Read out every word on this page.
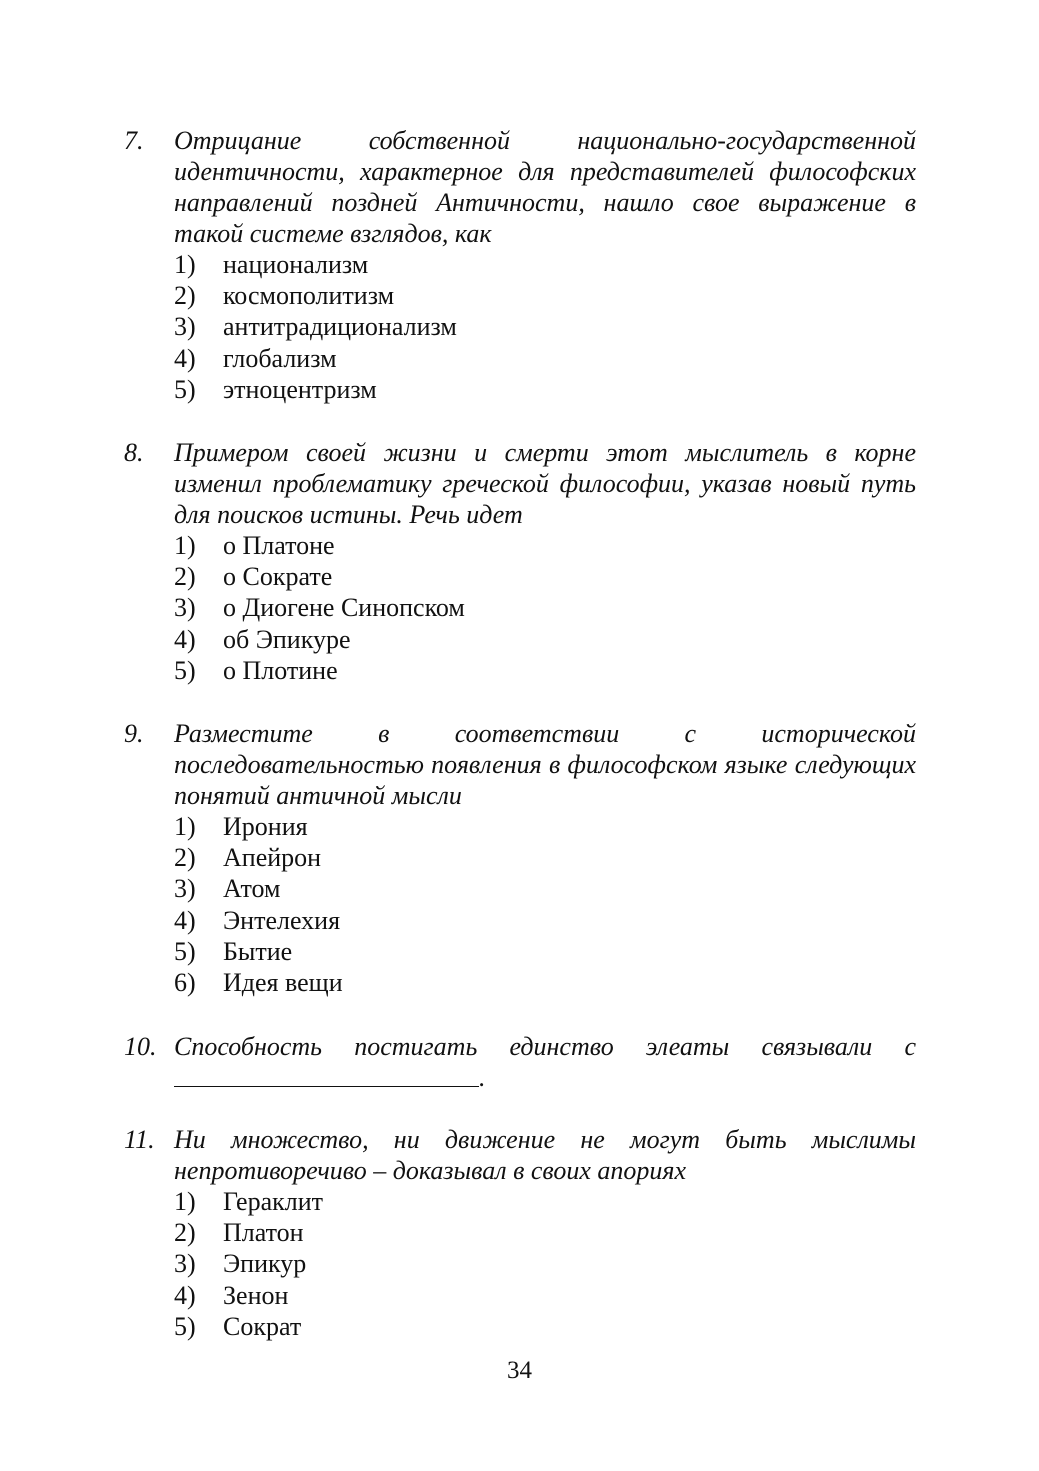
7. Отрицание собственной национально-государственной идентичности, характерное для представителей философских направлений поздней Античности, нашло свое выражение в такой системе взглядов, как
1) национализм
2) космополитизм
3) антитрадиционализм
4) глобализм
5) этноцентризм
8. Примером своей жизни и смерти этот мыслитель в корне изменил проблематику греческой философии, указав новый путь для поисков истины. Речь идет
1) о Платоне
2) о Сократе
3) о Диогене Синопском
4) об Эпикуре
5) о Плотине
9. Разместите в соответствии с исторической последовательностью появления в философском языке следующих понятий античной мысли
1) Ирония
2) Апейрон
3) Атом
4) Энтелехия
5) Бытие
6) Идея вещи
10. Способность постигать единство элеаты связывали с
.
11. Ни множество, ни движение не могут быть мыслимы непротиворечиво – доказывал в своих апориях
1) Гераклит
2) Платон
3) Эпикур
4) Зенон
5) Сократ
34
